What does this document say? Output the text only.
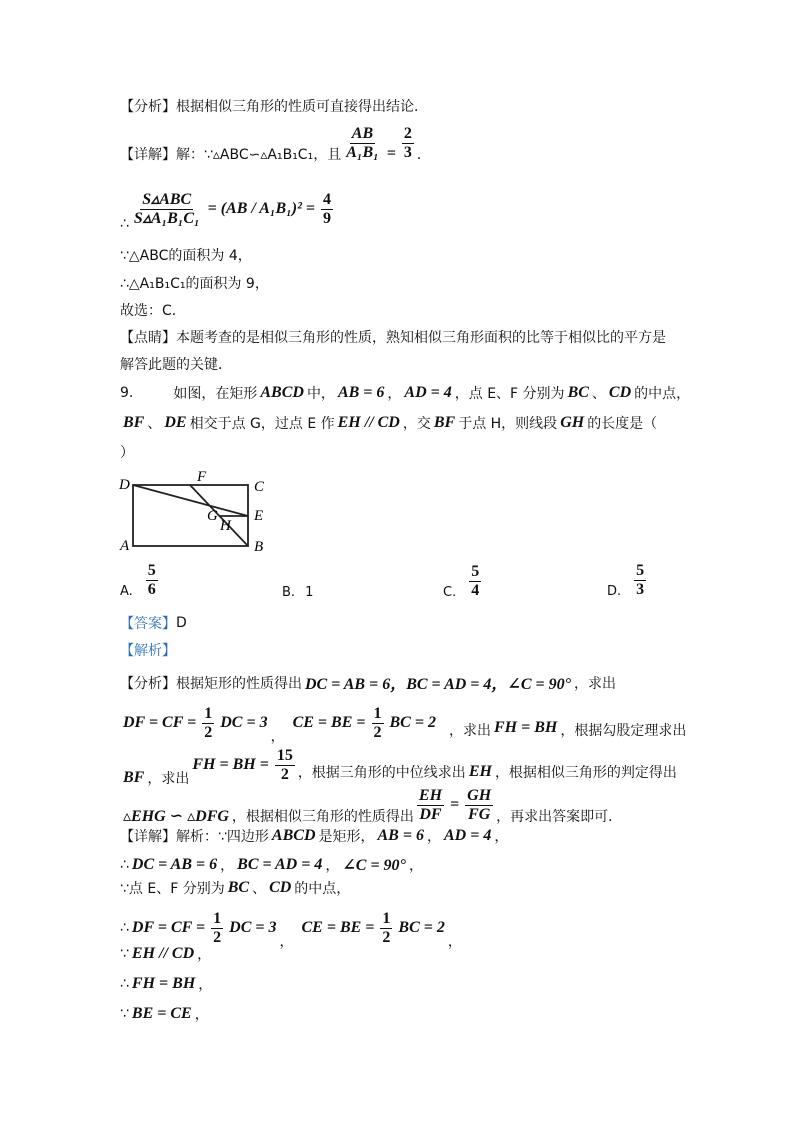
【分析】根据相似三角形的性质可直接得出结论．
【详解】解：∵▵ABC∽▵A₁B₁C₁，且 $\frac{AB}{\text{A₁B₁}} = \frac{2}{3}$ ．
∴
S▵ABC
S▵A₁B₁C₁
= $(AB / A_1B_1)^2 = \frac{4}{9}$
∵△ABC的面积为 4，
∴△A₁B₁C₁的面积为 9，
故选：C．
【点睛】本题考查的是相似三角形的性质，熟知相似三角形面积的比等于相似比的平方是
解答此题的关键．
9.	如图，在矩形 ABCD 中， AB = 6 ， AD = 4 ，点 E、F 分别为 BC 、 CD 的中点，
BF 、 DE 相交于点 G，过点 E 作 EH // CD ，交 BF 于点 H，则线段 GH 的长度是（
）
D	F
C
G
H
E
A	B
A. $\frac{5}{6}$	B. 1	C. $\frac{5}{4}$	D. $\frac{5}{3}$
【答案】 D
【解析】
【分析】根据矩形的性质得出 DC = AB = 6，BC = AD = 4，∠C = 90° ，求出
DF = CF = $\frac{1}{2}$ DC = 3
，
CE = BE = $\frac{1}{2}$ BC = 2 ，求出 FH = BH ，根据勾股定理求出
BF ，求出
FH = BH = $\frac{15}{2}$ ，根据三角形的中位线求出 EH ，根据相似三角形的判定得出
▵EHG ∽ ▵DFG ，根据相似三角形的性质得出 $\frac{EH}{DF} = \frac{GH}{FG}$ ，再求出答案即可．
【详解】解析：∵四边形 ABCD 是矩形， AB = 6 ， AD = 4 ，
∴ DC = AB = 6 ， BC = AD = 4 ， ∠C = 90° ，
∵点 E、F 分别为 BC 、 CD 的中点，
∴ DF = CF = $\frac{1}{2}$ DC = 3
，
CE = BE = $\frac{1}{2}$ BC = 2
，
∵ EH // CD ，
∴ FH = BH ，
∵ BE = CE ，
